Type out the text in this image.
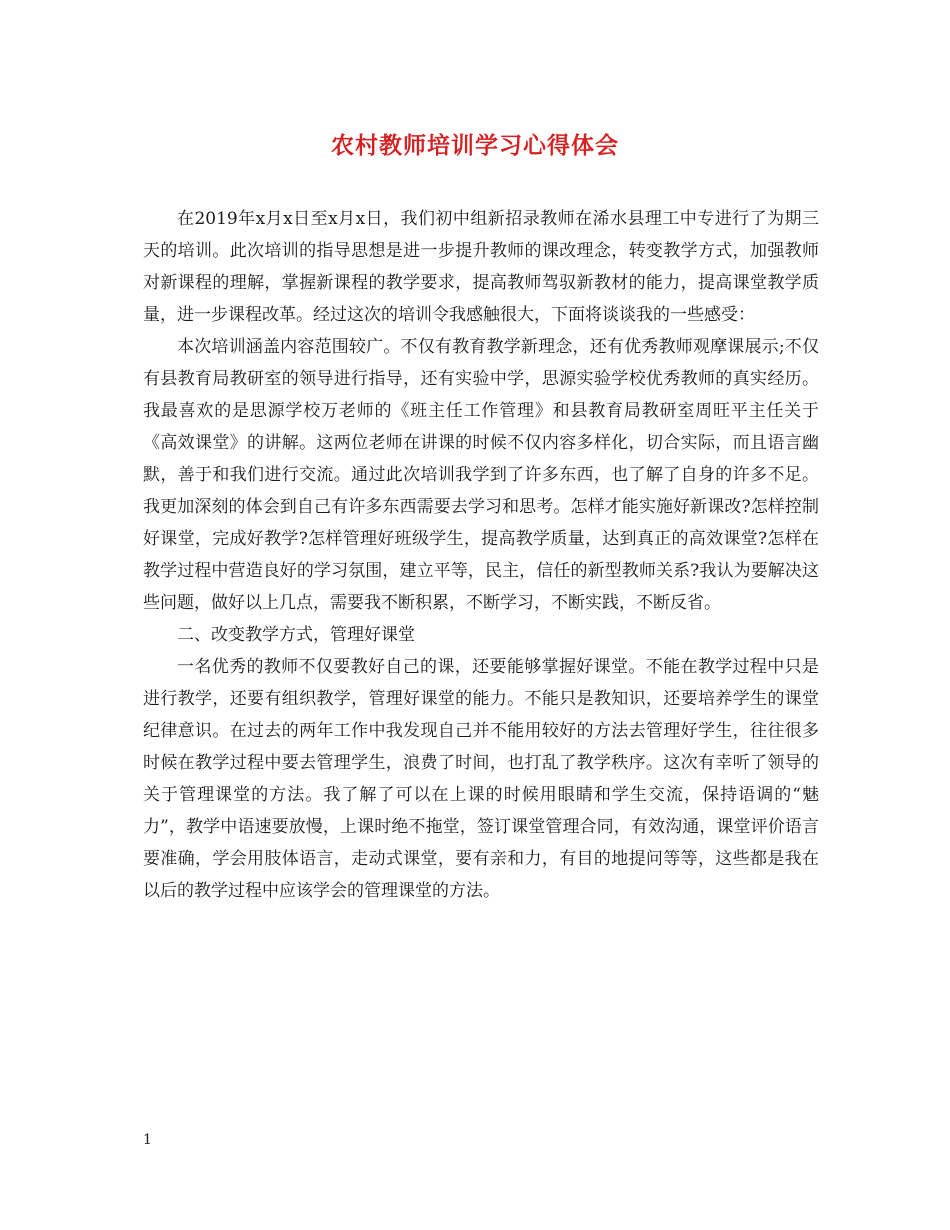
农村教师培训学习心得体会

在2019年x月x日至x月x日，我们初中组新招录教师在浠水县理工中专进行了为期三天的培训。此次培训的指导思想是进一步提升教师的课改理念，转变教学方式，加强教师对新课程的理解，掌握新课程的教学要求，提高教师驾驭新教材的能力，提高课堂教学质量，进一步课程改革。经过这次的培训令我感触很大，下面将谈谈我的一些感受：

本次培训涵盖内容范围较广。不仅有教育教学新理念，还有优秀教师观摩课展示;不仅有县教育局教研室的领导进行指导，还有实验中学，思源实验学校优秀教师的真实经历。我最喜欢的是思源学校万老师的《班主任工作管理》和县教育局教研室周旺平主任关于《高效课堂》的讲解。这两位老师在讲课的时候不仅内容多样化，切合实际，而且语言幽默，善于和我们进行交流。通过此次培训我学到了许多东西，也了解了自身的许多不足。我更加深刻的体会到自己有许多东西需要去学习和思考。怎样才能实施好新课改?怎样控制好课堂，完成好教学?怎样管理好班级学生，提高教学质量，达到真正的高效课堂?怎样在教学过程中营造良好的学习氛围，建立平等，民主，信任的新型教师关系?我认为要解决这些问题，做好以上几点，需要我不断积累，不断学习，不断实践，不断反省。

二、改变教学方式，管理好课堂

一名优秀的教师不仅要教好自己的课，还要能够掌握好课堂。不能在教学过程中只是进行教学，还要有组织教学，管理好课堂的能力。不能只是教知识，还要培养学生的课堂纪律意识。在过去的两年工作中我发现自己并不能用较好的方法去管理好学生，往往很多时候在教学过程中要去管理学生，浪费了时间，也打乱了教学秩序。这次有幸听了领导的关于管理课堂的方法。我了解了可以在上课的时候用眼睛和学生交流，保持语调的“魅力”，教学中语速要放慢，上课时绝不拖堂，签订课堂管理合同，有效沟通，课堂评价语言要准确，学会用肢体语言，走动式课堂，要有亲和力，有目的地提问等等，这些都是我在以后的教学过程中应该学会的管理课堂的方法。

1
